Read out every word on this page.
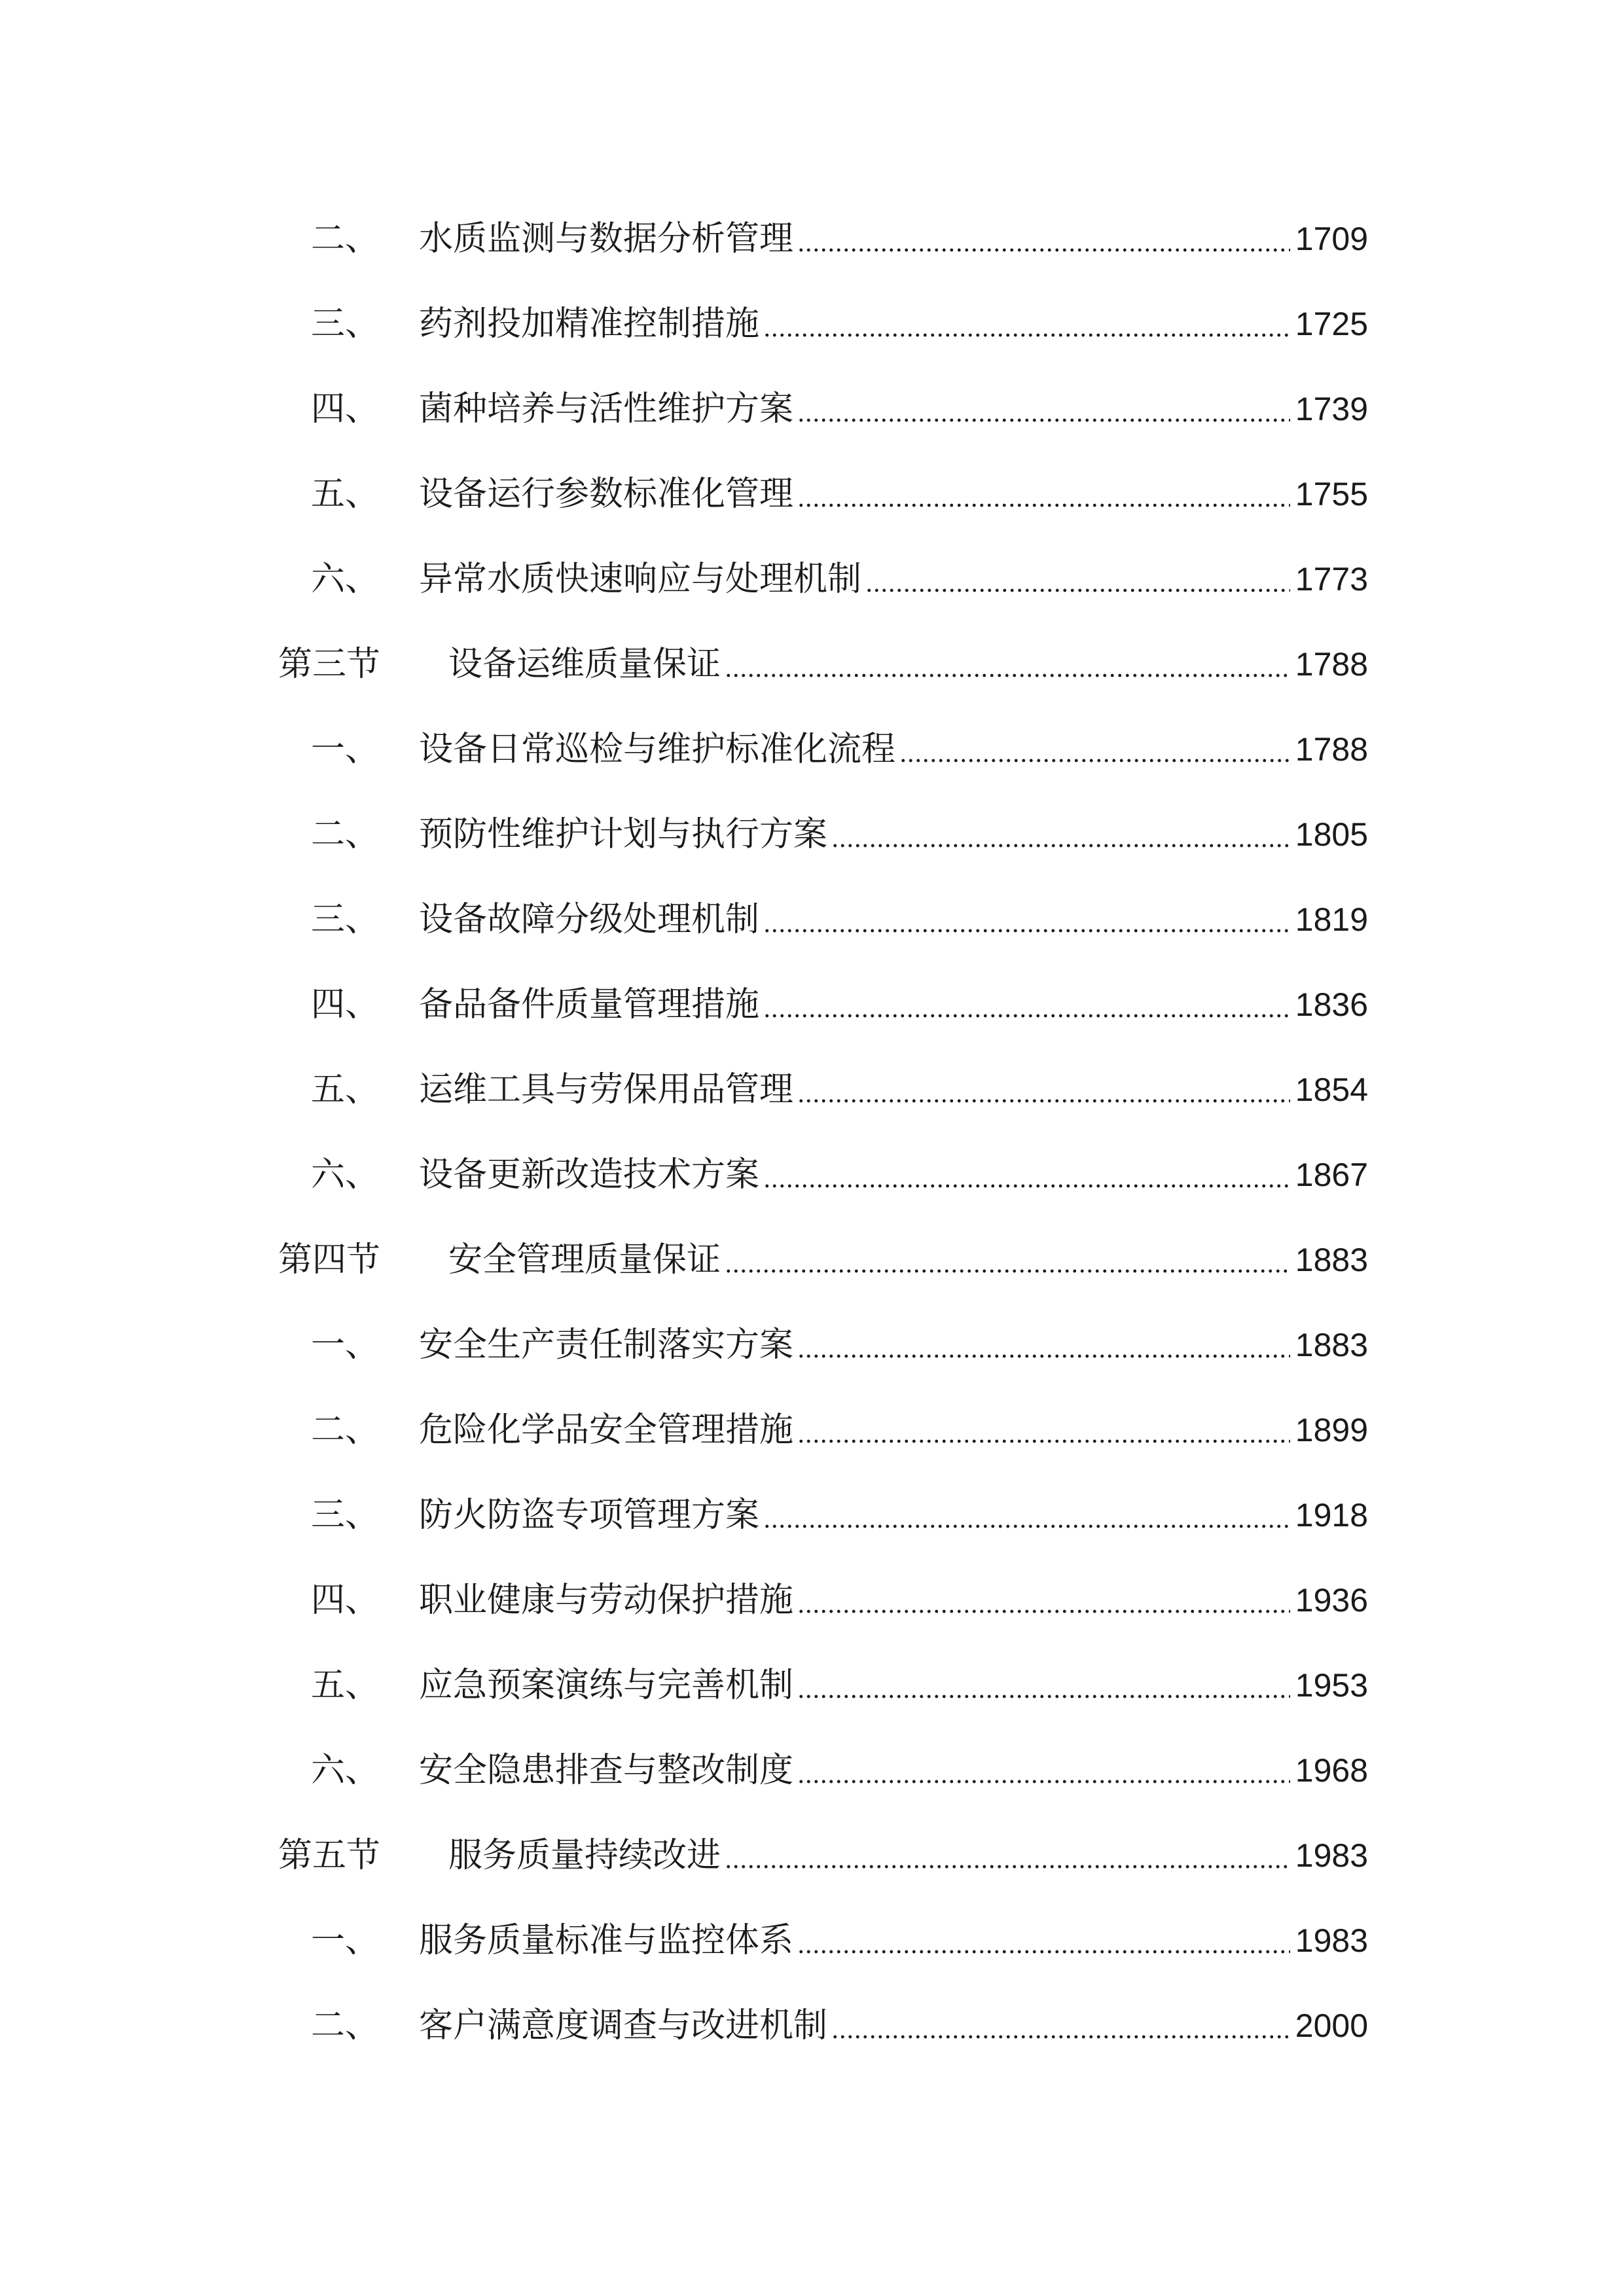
二、	水质监测与数据分析管理	1709
三、	药剂投加精准控制措施	1725
四、	菌种培养与活性维护方案	1739
五、	设备运行参数标准化管理	1755
六、	异常水质快速响应与处理机制	1773
第三节	设备运维质量保证	1788
一、	设备日常巡检与维护标准化流程	1788
二、	预防性维护计划与执行方案	1805
三、	设备故障分级处理机制	1819
四、	备品备件质量管理措施	1836
五、	运维工具与劳保用品管理	1854
六、	设备更新改造技术方案	1867
第四节	安全管理质量保证	1883
一、	安全生产责任制落实方案	1883
二、	危险化学品安全管理措施	1899
三、	防火防盗专项管理方案	1918
四、	职业健康与劳动保护措施	1936
五、	应急预案演练与完善机制	1953
六、	安全隐患排查与整改制度	1968
第五节	服务质量持续改进	1983
一、	服务质量标准与监控体系	1983
二、	客户满意度调查与改进机制	2000
